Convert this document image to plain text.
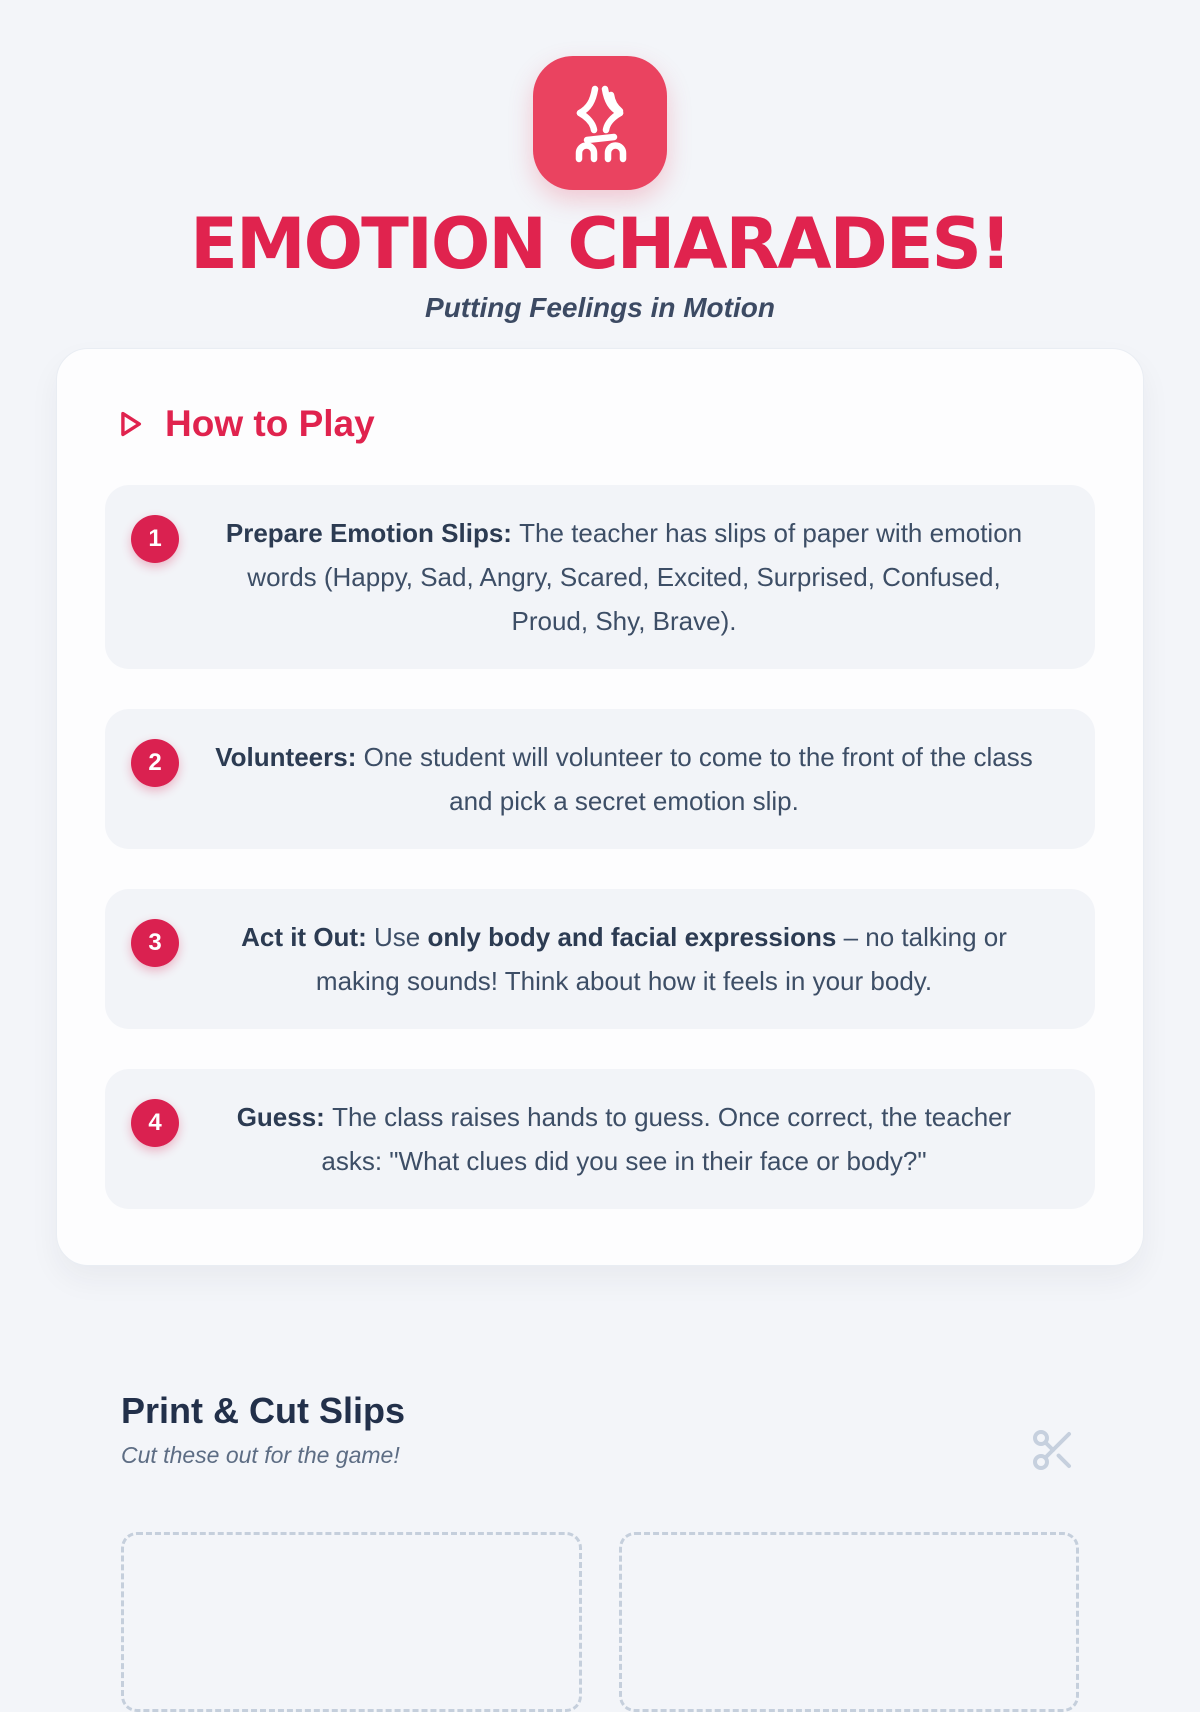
EMOTION CHARADES!

Putting Feelings in Motion

How to Play
1	Prepare Emotion Slips: The teacher has slips of paper with emotion words (Happy, Sad, Angry, Scared, Excited, Surprised, Confused, Proud, Shy, Brave).

2	Volunteers: One student will volunteer to come to the front of the class and pick a secret emotion slip.

3	Act it Out: Use only body and facial expressions – no talking or making sounds! Think about how it feels in your body.

4	Guess: The class raises hands to guess. Once correct, the teacher asks: "What clues did you see in their face or body?"

Print & Cut Slips

Cut these out for the game!
